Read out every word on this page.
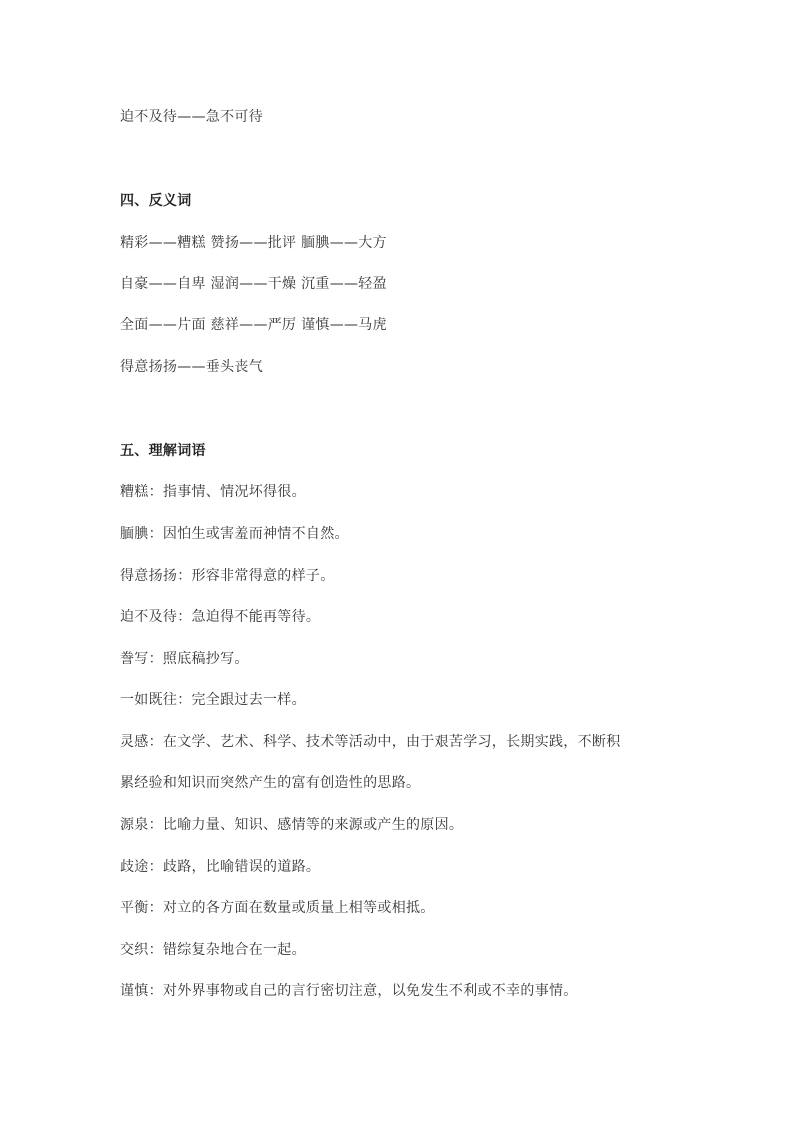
迫不及待——急不可待
四、反义词
精彩——糟糕 赞扬——批评 腼腆——大方
自豪——自卑 湿润——干燥 沉重——轻盈
全面——片面 慈祥——严厉 谨慎——马虎
得意扬扬——垂头丧气
五、理解词语
糟糕：指事情、情况坏得很。
腼腆：因怕生或害羞而神情不自然。
得意扬扬：形容非常得意的样子。
迫不及待：急迫得不能再等待。
誊写：照底稿抄写。
一如既往：完全跟过去一样。
灵感：在文学、艺术、科学、技术等活动中，由于艰苦学习，长期实践，不断积
累经验和知识而突然产生的富有创造性的思路。
源泉：比喻力量、知识、感情等的来源或产生的原因。
歧途：歧路，比喻错误的道路。
平衡：对立的各方面在数量或质量上相等或相抵。
交织：错综复杂地合在一起。
谨慎：对外界事物或自己的言行密切注意，以免发生不利或不幸的事情。
